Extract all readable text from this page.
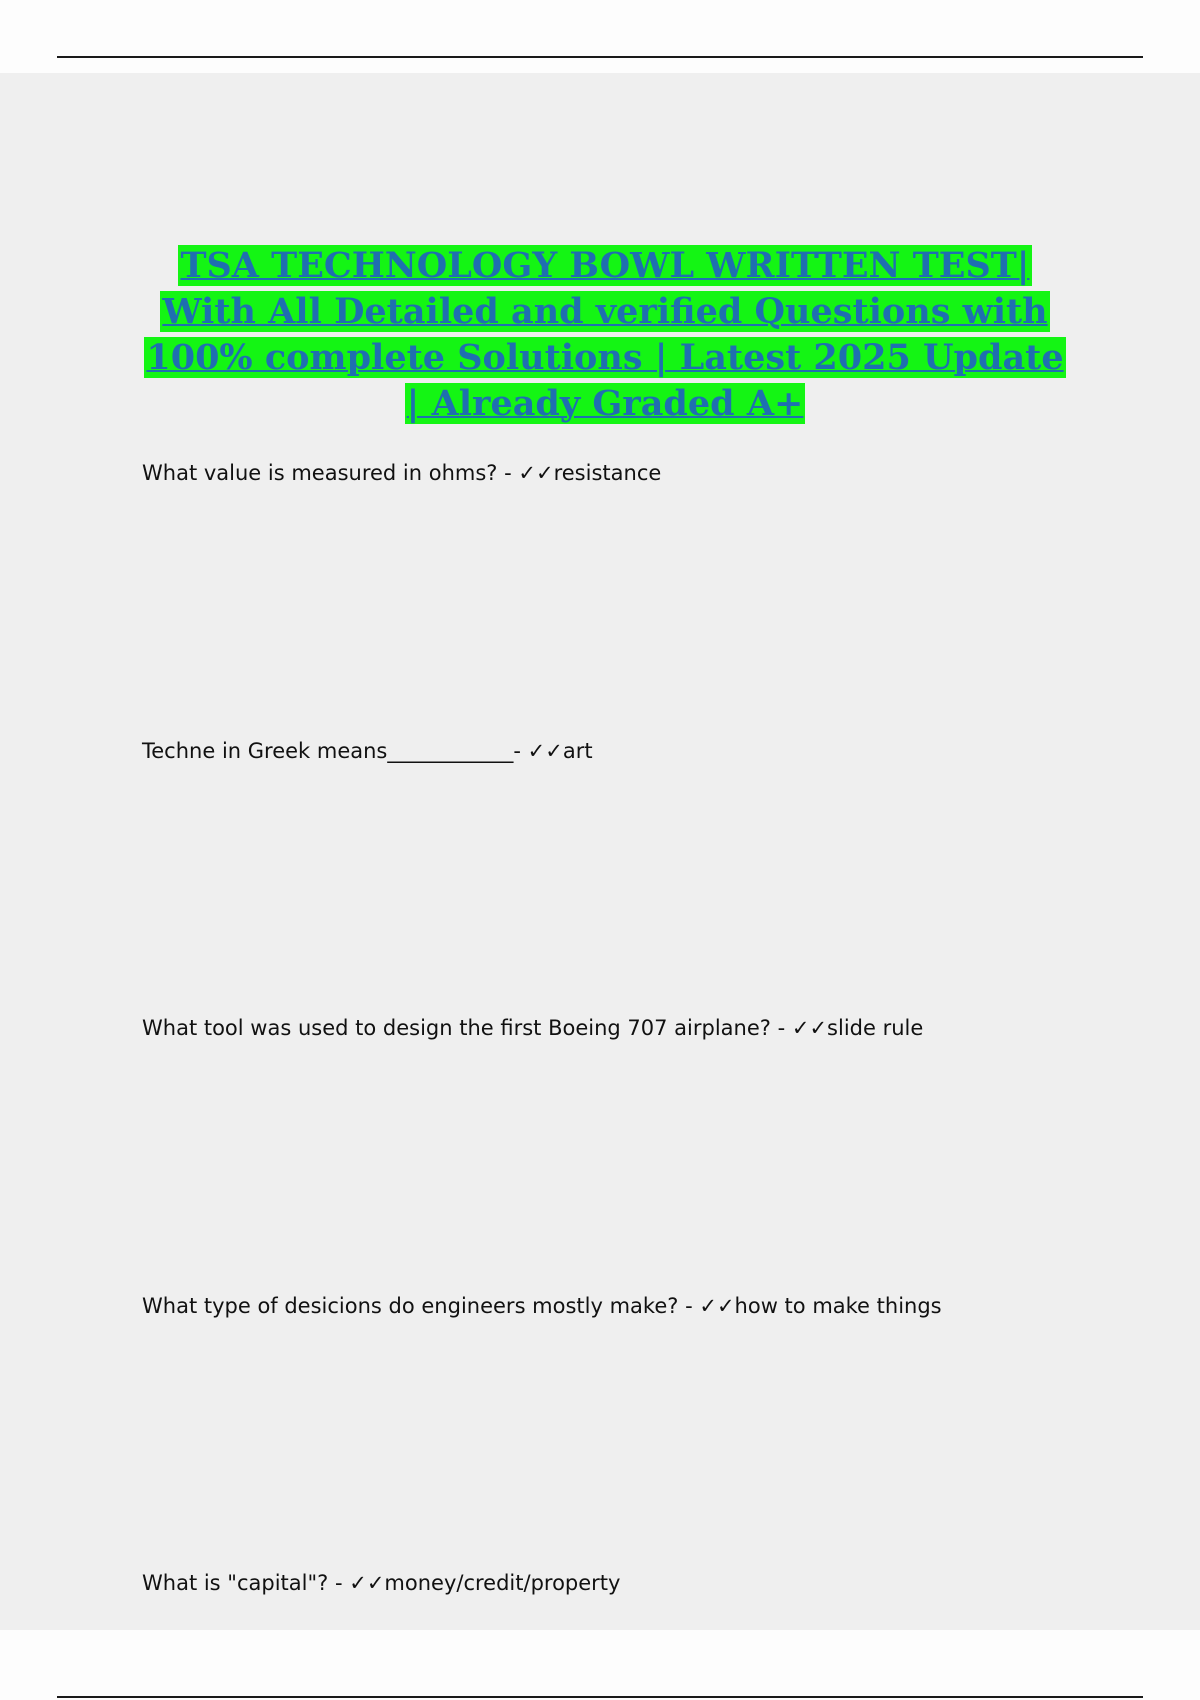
TSA TECHNOLOGY BOWL WRITTEN TEST| With All Detailed and verified Questions with 100% complete Solutions | Latest 2025 Update | Already Graded A+

What value is measured in ohms? - ✓✓resistance

Techne in Greek means____________- ✓✓art

What tool was used to design the first Boeing 707 airplane? - ✓✓slide rule

What type of desicions do engineers mostly make? - ✓✓how to make things

What is "capital"? - ✓✓money/credit/property
